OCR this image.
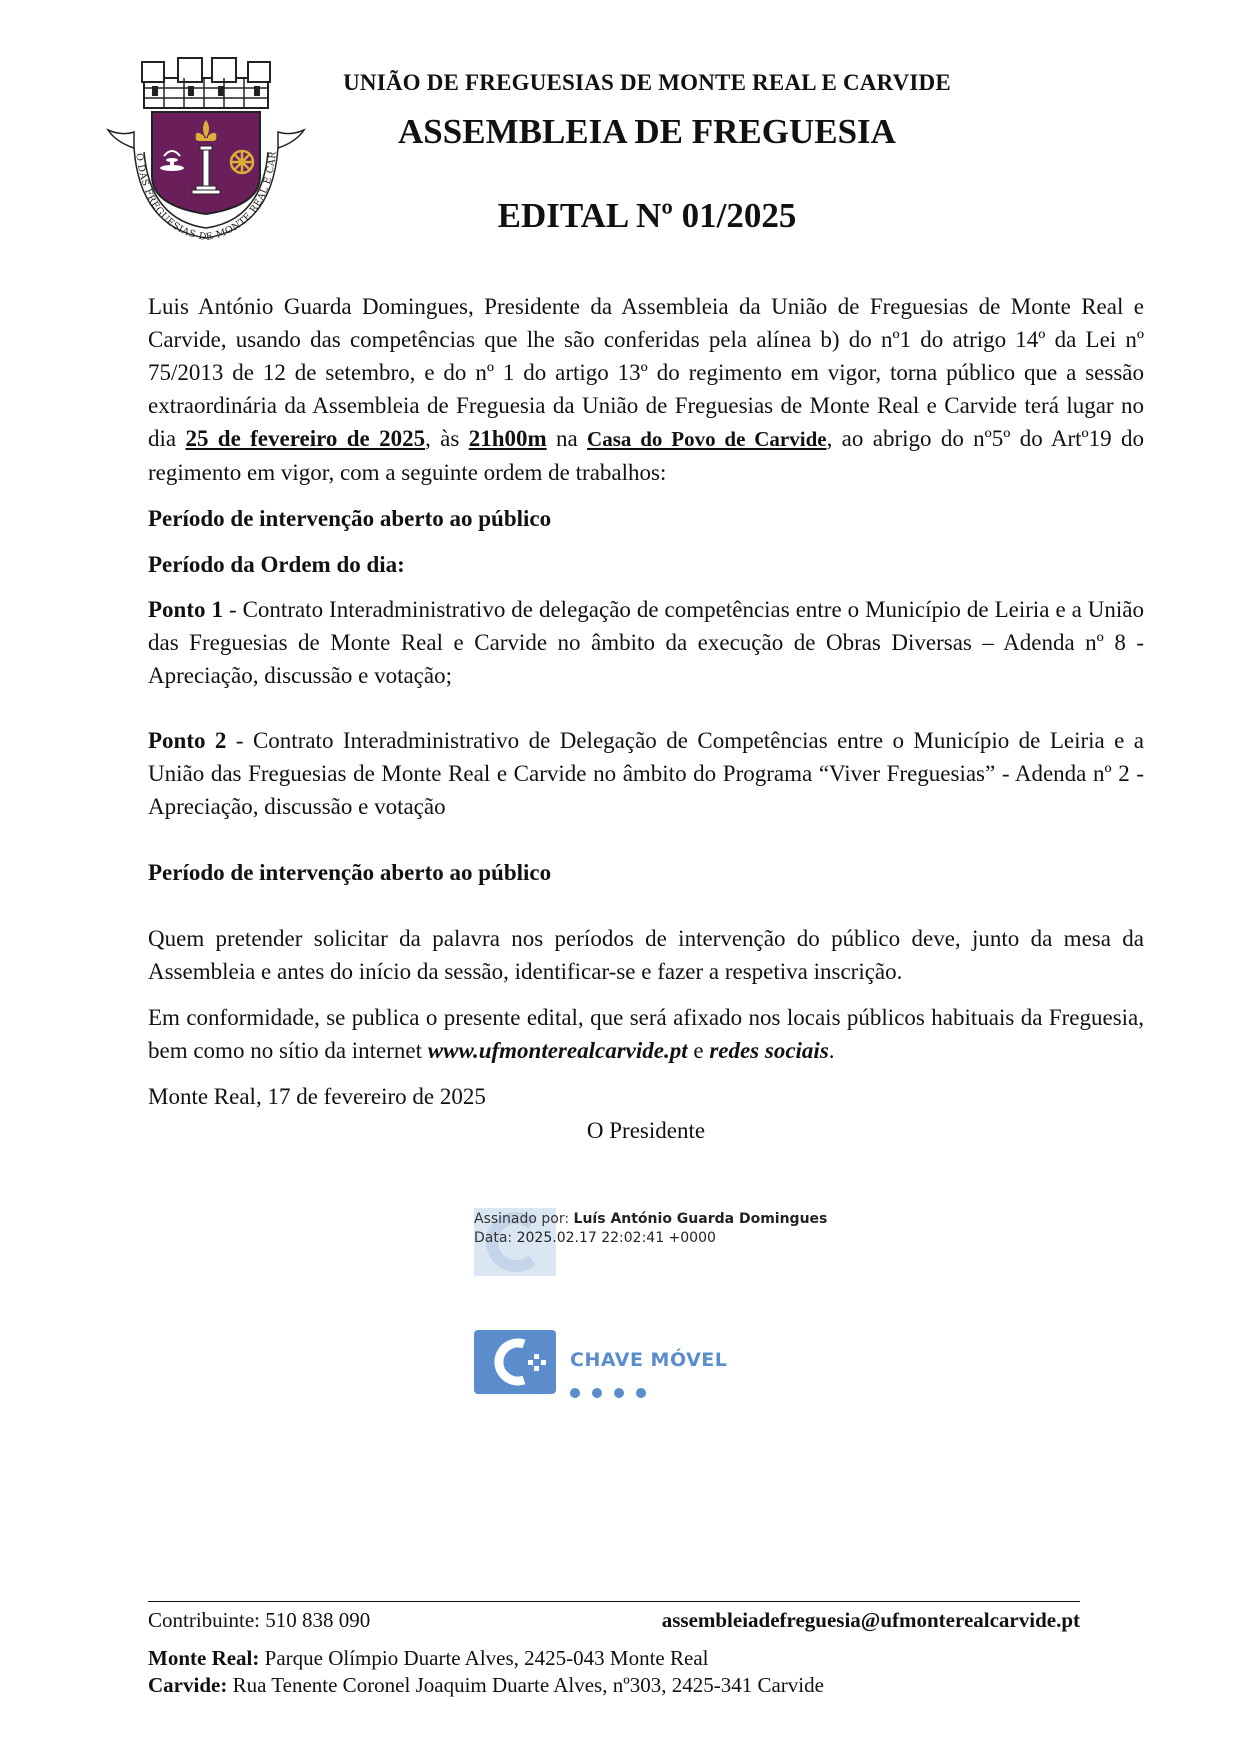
O DAS FREGUESIAS DE MONTE REAL E CAR
UNIÃO DE FREGUESIAS DE MONTE REAL E CARVIDE
ASSEMBLEIA DE FREGUESIA
EDITAL Nº 01/2025

Luis António Guarda Domingues, Presidente da Assembleia da União de Freguesias de Monte Real e Carvide, usando das competências que lhe são conferidas pela alínea b) do nº1 do atrigo 14º da Lei nº 75/2013 de 12 de setembro, e do nº 1 do artigo 13º do regimento em vigor, torna público que a sessão extraordinária da Assembleia de Freguesia da União de Freguesias de Monte Real e Carvide terá lugar no dia 25 de fevereiro de 2025, às 21h00m na Casa do Povo de Carvide, ao abrigo do nº5º do Artº19 do regimento em vigor, com a seguinte ordem de trabalhos:

Período de intervenção aberto ao público

Período da Ordem do dia:

Ponto 1 - Contrato Interadministrativo de delegação de competências entre o Município de Leiria e a União das Freguesias de Monte Real e Carvide no âmbito da execução de Obras Diversas – Adenda nº 8 - Apreciação, discussão e votação;

Ponto 2 - Contrato Interadministrativo de Delegação de Competências entre o Município de Leiria e a União das Freguesias de Monte Real e Carvide no âmbito do Programa “Viver Freguesias” - Adenda nº 2 - Apreciação, discussão e votação

Período de intervenção aberto ao público

Quem pretender solicitar da palavra nos períodos de intervenção do público deve, junto da mesa da Assembleia e antes do início da sessão, identificar-se e fazer a respetiva inscrição.

Em conformidade, se publica o presente edital, que será afixado nos locais públicos habituais da Freguesia, bem como no sítio da internet www.ufmonterealcarvide.pt e redes sociais.

Monte Real, 17 de fevereiro de 2025

O Presidente

Assinado por: Luís António Guarda Domingues
Data: 2025.02.17 22:02:41 +0000
CHAVE MÓVEL
Contribuinte: 510 838 090	assembleiadefreguesia@ufmonterealcarvide.pt
Monte Real: Parque Olímpio Duarte Alves, 2425-043 Monte Real
Carvide: Rua Tenente Coronel Joaquim Duarte Alves, nº303, 2425-341 Carvide
